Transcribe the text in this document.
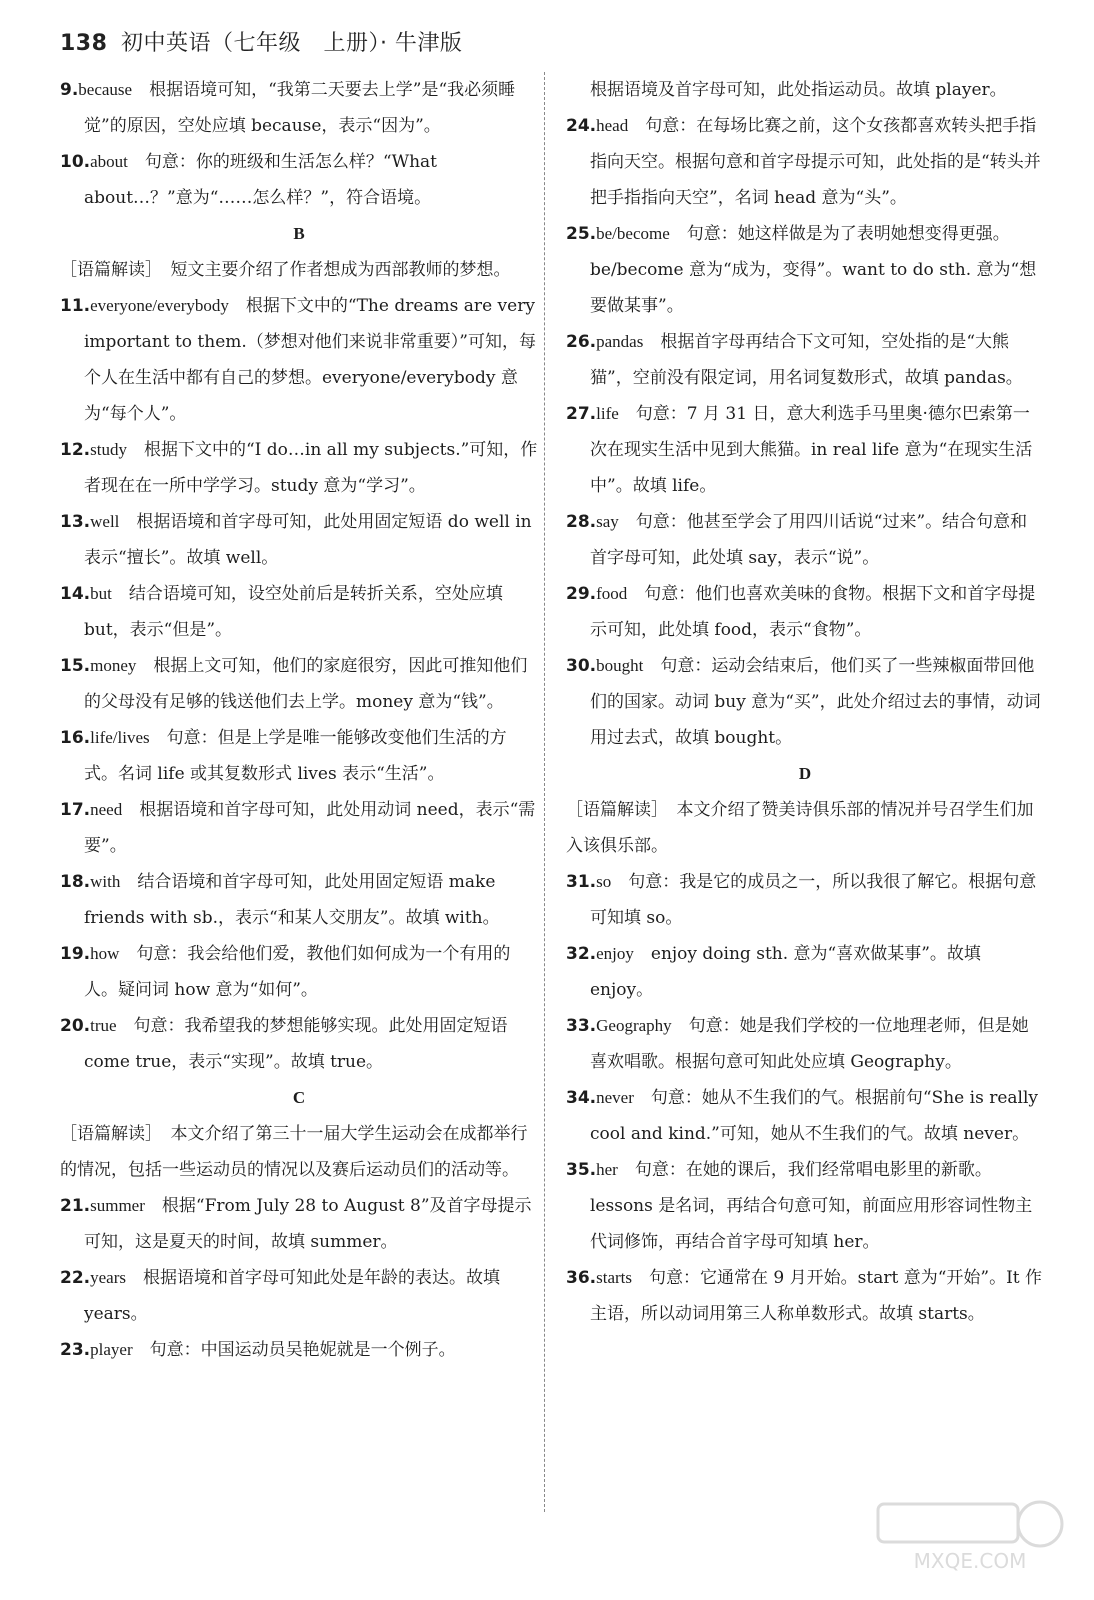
138 初中英语（七年级　上册）· 牛津版

9.because　根据语境可知，“我第二天要去上学”是“我必须睡觉”的原因，空处应填 because，表示“因为”。

10.about　句意：你的班级和生活怎么样？“What about…？”意为“……怎么样？”，符合语境。

B

［语篇解读］　短文主要介绍了作者想成为西部教师的梦想。

11.everyone/everybody　根据下文中的“The dreams are very important to them.（梦想对他们来说非常重要）”可知，每个人在生活中都有自己的梦想。everyone/everybody 意为“每个人”。

12.study　根据下文中的“I do…in all my subjects.”可知，作者现在在一所中学学习。study 意为“学习”。

13.well　根据语境和首字母可知，此处用固定短语 do well in 表示“擅长”。故填 well。

14.but　结合语境可知，设空处前后是转折关系，空处应填 but，表示“但是”。

15.money　根据上文可知，他们的家庭很穷，因此可推知他们的父母没有足够的钱送他们去上学。money 意为“钱”。

16.life/lives　句意：但是上学是唯一能够改变他们生活的方式。名词 life 或其复数形式 lives 表示“生活”。

17.need　根据语境和首字母可知，此处用动词 need，表示“需要”。

18.with　结合语境和首字母可知，此处用固定短语 make friends with sb.，表示“和某人交朋友”。故填 with。

19.how　句意：我会给他们爱，教他们如何成为一个有用的人。疑问词 how 意为“如何”。

20.true　句意：我希望我的梦想能够实现。此处用固定短语 come true，表示“实现”。故填 true。

C

［语篇解读］　本文介绍了第三十一届大学生运动会在成都举行的情况，包括一些运动员的情况以及赛后运动员们的活动等。

21.summer　根据“From July 28 to August 8”及首字母提示可知，这是夏天的时间，故填 summer。

22.years　根据语境和首字母可知此处是年龄的表达。故填 years。

23.player　句意：中国运动员吴艳妮就是一个例子。

根据语境及首字母可知，此处指运动员。故填 player。

24.head　句意：在每场比赛之前，这个女孩都喜欢转头把手指指向天空。根据句意和首字母提示可知，此处指的是“转头并把手指指向天空”，名词 head 意为“头”。

25.be/become　句意：她这样做是为了表明她想变得更强。be/become 意为“成为，变得”。want to do sth. 意为“想要做某事”。

26.pandas　根据首字母再结合下文可知，空处指的是“大熊猫”，空前没有限定词，用名词复数形式，故填 pandas。

27.life　句意：7 月 31 日，意大利选手马里奥·德尔巴索第一次在现实生活中见到大熊猫。in real life 意为“在现实生活中”。故填 life。

28.say　句意：他甚至学会了用四川话说“过来”。结合句意和首字母可知，此处填 say，表示“说”。

29.food　句意：他们也喜欢美味的食物。根据下文和首字母提示可知，此处填 food，表示“食物”。

30.bought　句意：运动会结束后，他们买了一些辣椒面带回他们的国家。动词 buy 意为“买”，此处介绍过去的事情，动词用过去式，故填 bought。

D

［语篇解读］　本文介绍了赞美诗俱乐部的情况并号召学生们加入该俱乐部。

31.so　句意：我是它的成员之一，所以我很了解它。根据句意可知填 so。

32.enjoy　enjoy doing sth. 意为“喜欢做某事”。故填 enjoy。

33.Geography　句意：她是我们学校的一位地理老师，但是她喜欢唱歌。根据句意可知此处应填 Geography。

34.never　句意：她从不生我们的气。根据前句“She is really cool and kind.”可知，她从不生我们的气。故填 never。

35.her　句意：在她的课后，我们经常唱电影里的新歌。lessons 是名词，再结合句意可知，前面应用形容词性物主代词修饰，再结合首字母可知填 her。

36.starts　句意：它通常在 9 月开始。start 意为“开始”。It 作主语，所以动词用第三人称单数形式。故填 starts。

MXQE.COM
